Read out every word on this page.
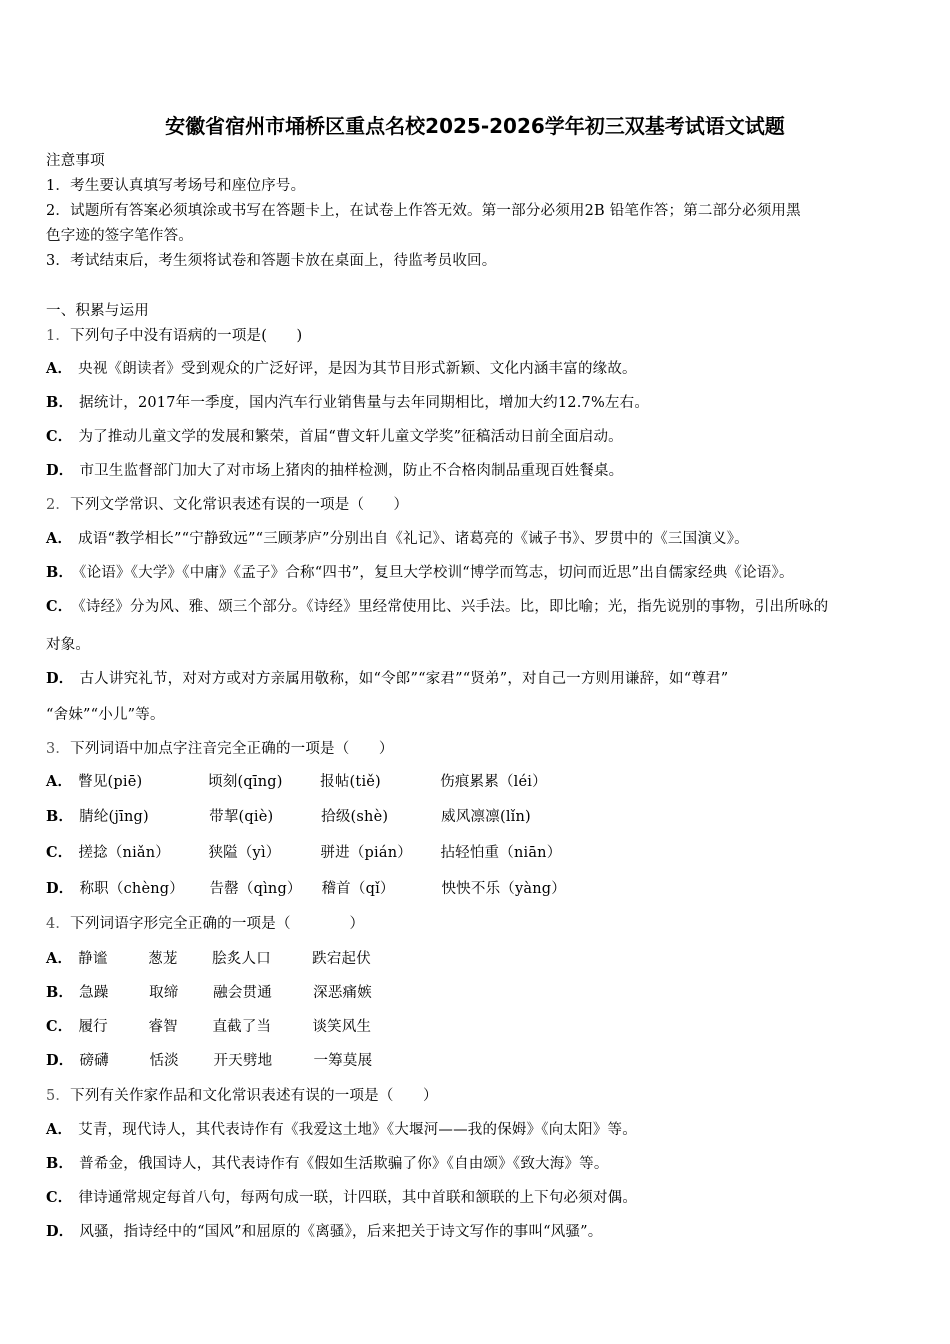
安徽省宿州市埇桥区重点名校2025-2026学年初三双基考试语文试题
注意事项
1．考生要认真填写考场号和座位序号。
2．试题所有答案必须填涂或书写在答题卡上，在试卷上作答无效。第一部分必须用2B 铅笔作答；第二部分必须用黑
色字迹的签字笔作答。
3．考试结束后，考生须将试卷和答题卡放在桌面上，待监考员收回。
一、积累与运用
1．下列句子中没有语病的一项是(　　)
A． 央视《朗读者》受到观众的广泛好评，是因为其节目形式新颖、文化内涵丰富的缘故。
B． 据统计，2017年一季度，国内汽车行业销售量与去年同期相比，增加大约12.7%左右。
C． 为了推动儿童文学的发展和繁荣，首届“曹文轩儿童文学奖”征稿活动日前全面启动。
D． 市卫生监督部门加大了对市场上猪肉的抽样检测，防止不合格肉制品重现百姓餐桌。
2．下列文学常识、文化常识表述有误的一项是（　　）
A． 成语“教学相长”“宁静致远”“三顾茅庐”分别出自《礼记》、诸葛亮的《诫子书》、罗贯中的《三国演义》。
B． 《论语》《大学》《中庸》《孟子》合称“四书”，复旦大学校训“博学而笃志，切问而近思”出自儒家经典《论语》。
C． 《诗经》分为风、雅、颂三个部分。《诗经》里经常使用比、兴手法。比，即比喻；光，指先说别的事物，引出所咏的
对象。
D． 古人讲究礼节，对对方或对方亲属用敬称，如“令郎”“家君”“贤弟”，对自己一方则用谦辞，如“尊君”
“舍妹”“小儿”等。
3．下列词语中加点字注音完全正确的一项是（　　）
A． 瞥见(piē)	顷刻(qīng)	报帖(tiě)	伤痕累累（léi）
B． 腈纶(jīng)	带挈(qiè)	拾级(shè)	威风凛凛(lǐn)
C． 搓捻（niǎn）	狭隘（yì）	骈进（pián） 拈轻怕重（niān）
D． 称职（chèng） 告罄（qìng） 稽首（qǐ）	怏怏不乐（yàng）
4．下列词语字形完全正确的一项是（　　　　）
A． 静谧	葱茏 脍炙人口	跌宕起伏
B． 急躁	取缔 融会贯通	深恶痛嫉
C． 履行	睿智 直截了当	谈笑风生
D． 磅礴	恬淡 开天劈地	一筹莫展
5．下列有关作家作品和文化常识表述有误的一项是（　　）
A． 艾青，现代诗人，其代表诗作有《我爱这土地》《大堰河——我的保姆》《向太阳》等。
B． 普希金，俄国诗人，其代表诗作有《假如生活欺骗了你》《自由颂》《致大海》等。
C． 律诗通常规定每首八句，每两句成一联，计四联，其中首联和颔联的上下句必须对偶。
D． 风骚，指诗经中的“国风”和屈原的《离骚》，后来把关于诗文写作的事叫“风骚”。
